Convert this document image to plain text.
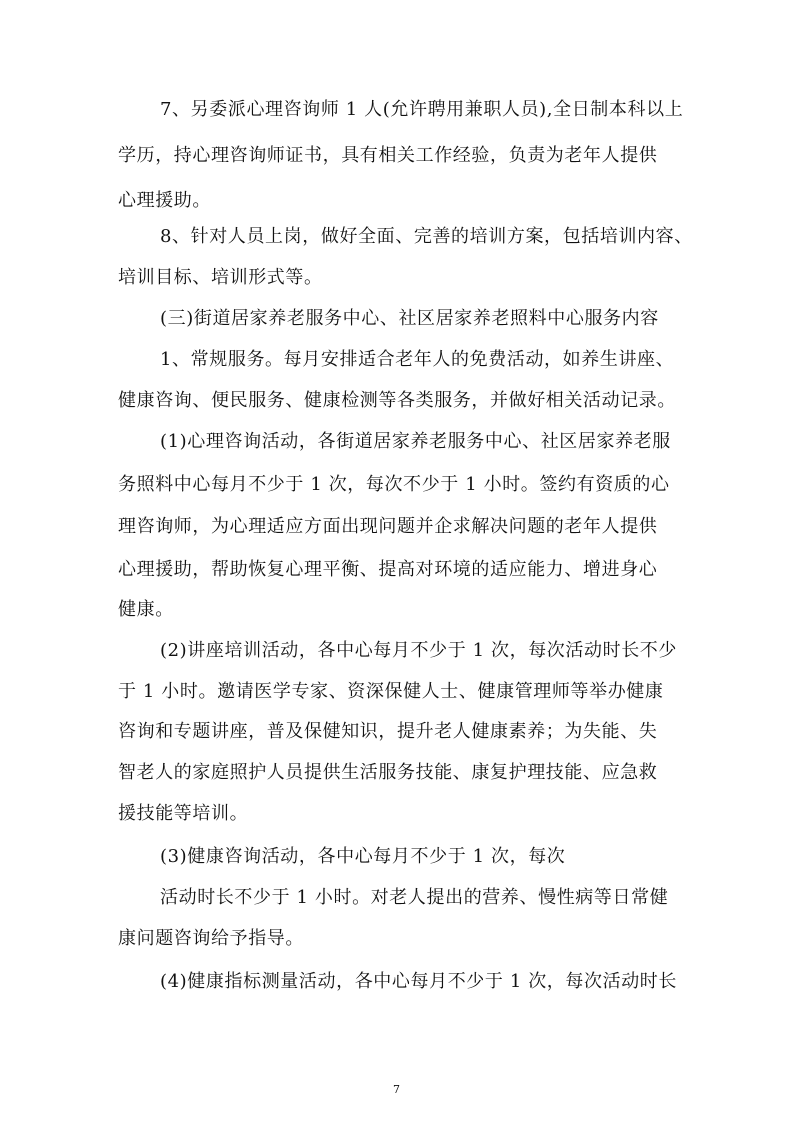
7、另委派心理咨询师 1 人(允许聘用兼职人员),全日制本科以上
学历，持心理咨询师证书，具有相关工作经验，负责为老年人提供
心理援助。
8、针对人员上岗，做好全面、完善的培训方案，包括培训内容、
培训目标、培训形式等。
(三)街道居家养老服务中心、社区居家养老照料中心服务内容
1、常规服务。每月安排适合老年人的免费活动，如养生讲座、
健康咨询、便民服务、健康检测等各类服务，并做好相关活动记录。
(1)心理咨询活动，各街道居家养老服务中心、社区居家养老服
务照料中心每月不少于 1 次，每次不少于 1 小时。签约有资质的心
理咨询师，为心理适应方面出现问题并企求解决问题的老年人提供
心理援助，帮助恢复心理平衡、提高对环境的适应能力、增进身心
健康。
(2)讲座培训活动，各中心每月不少于 1 次，每次活动时长不少
于 1 小时。邀请医学专家、资深保健人士、健康管理师等举办健康
咨询和专题讲座，普及保健知识，提升老人健康素养；为失能、失
智老人的家庭照护人员提供生活服务技能、康复护理技能、应急救
援技能等培训。
(3)健康咨询活动，各中心每月不少于 1 次，每次
活动时长不少于 1 小时。对老人提出的营养、慢性病等日常健
康问题咨询给予指导。
(4)健康指标测量活动，各中心每月不少于 1 次，每次活动时长
7
